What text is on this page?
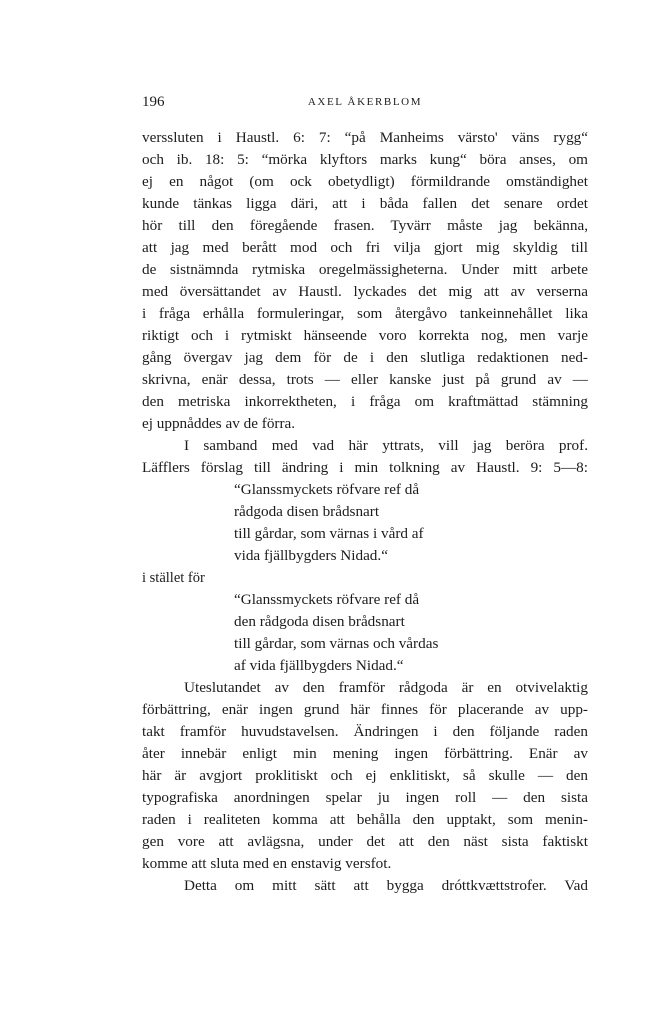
196	AXEL ÅKERBLOM
verssluten i Haustl. 6: 7: “på Manheims värsto' väns rygg“
och ib. 18: 5: “mörka klyftors marks kung“ böra anses, om
ej en något (om ock obetydligt) förmildrande omständighet
kunde tänkas ligga däri, att i båda fallen det senare ordet
hör till den föregående frasen. Tyvärr måste jag bekänna,
att jag med berått mod och fri vilja gjort mig skyldig till
de sistnämnda rytmiska oregelmässigheterna. Under mitt arbete
med översättandet av Haustl. lyckades det mig att av verserna
i fråga erhålla formuleringar, som återgåvo tankeinnehållet lika
riktigt och i rytmiskt hänseende voro korrekta nog, men varje
gång övergav jag dem för de i den slutliga redaktionen ned-
skrivna, enär dessa, trots — eller kanske just på grund av —
den metriska inkorrektheten, i fråga om kraftmättad stämning
ej uppnåddes av de förra.
I samband med vad här yttrats, vill jag beröra prof.
Läfflers förslag till ändring i min tolkning av Haustl. 9: 5—8:
“Glanssmyckets röfvare ref då
rådgoda disen brådsnart
till gårdar, som värnas i vård af
vida fjällbygders Nidad.“
i stället för
“Glanssmyckets röfvare ref då
den rådgoda disen brådsnart
till gårdar, som värnas och vårdas
af vida fjällbygders Nidad.“
Uteslutandet av den framför rådgoda är en otvivelaktig
förbättring, enär ingen grund här finnes för placerande av upp-
takt framför huvudstavelsen. Ändringen i den följande raden
åter innebär enligt min mening ingen förbättring. Enär av
här är avgjort proklitiskt och ej enklitiskt, så skulle — den
typografiska anordningen spelar ju ingen roll — den sista
raden i realiteten komma att behålla den upptakt, som menin-
gen vore att avlägsna, under det att den näst sista faktiskt
komme att sluta med en enstavig versfot.
Detta om mitt sätt att bygga dróttkvættstrofer. Vad
